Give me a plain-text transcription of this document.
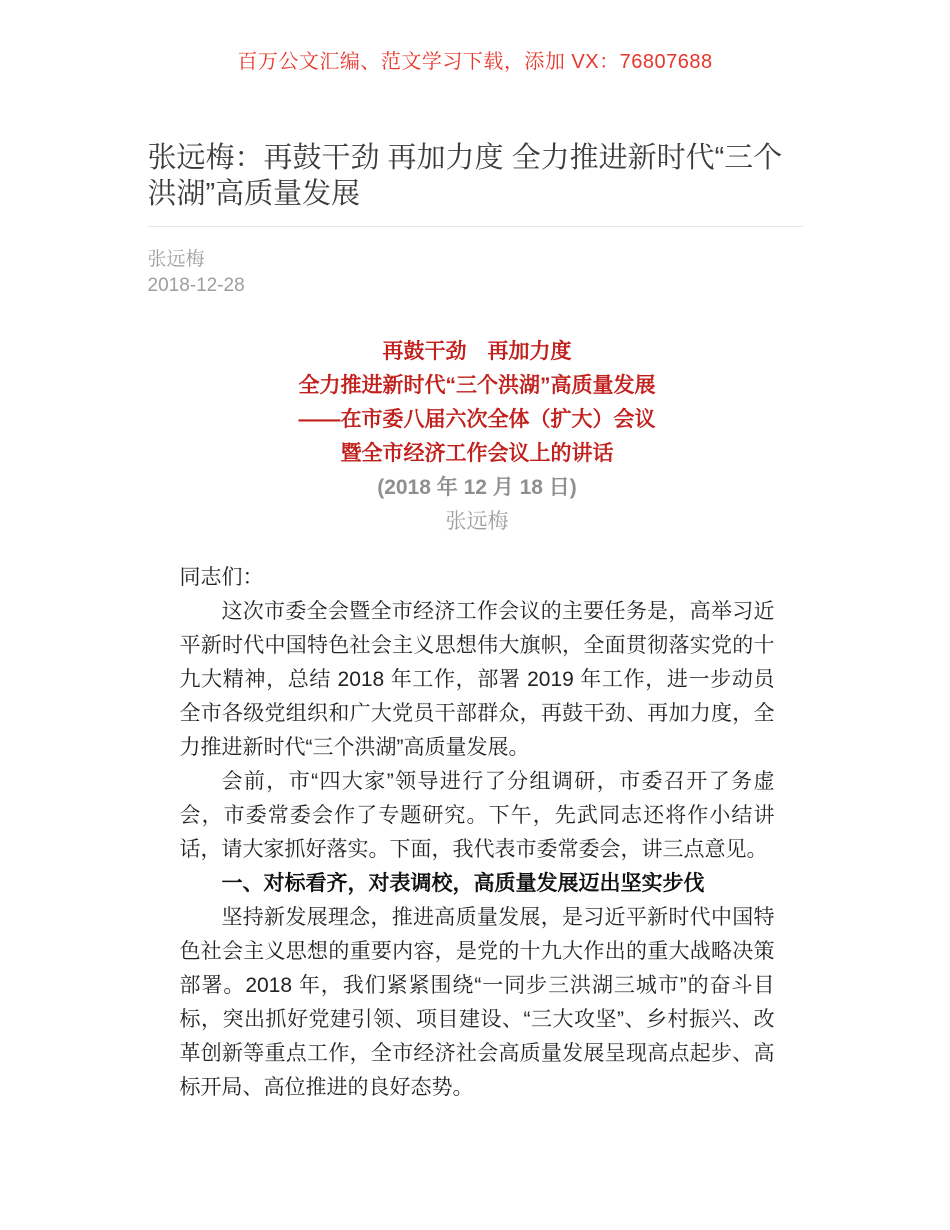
百万公文汇编、范文学习下载，添加 VX：76807688
张远梅：再鼓干劲 再加力度 全力推进新时代“三个洪湖”高质量发展
张远梅
2018-12-28

再鼓干劲　再加力度

全力推进新时代“三个洪湖”高质量发展

——在市委八届六次全体（扩大）会议

暨全市经济工作会议上的讲话

(2018 年 12 月 18 日)

张远梅

同志们：

这次市委全会暨全市经济工作会议的主要任务是，高举习近平新时代中国特色社会主义思想伟大旗帜，全面贯彻落实党的十九大精神，总结 2018 年工作，部署 2019 年工作，进一步动员全市各级党组织和广大党员干部群众，再鼓干劲、再加力度，全力推进新时代“三个洪湖”高质量发展。

会前，市“四大家”领导进行了分组调研，市委召开了务虚会，市委常委会作了专题研究。下午，先武同志还将作小结讲话，请大家抓好落实。下面，我代表市委常委会，讲三点意见。

一、对标看齐，对表调校，高质量发展迈出坚实步伐

坚持新发展理念，推进高质量发展，是习近平新时代中国特色社会主义思想的重要内容，是党的十九大作出的重大战略决策部署。2018 年，我们紧紧围绕“一同步三洪湖三城市”的奋斗目标，突出抓好党建引领、项目建设、“三大攻坚”、乡村振兴、改革创新等重点工作，全市经济社会高质量发展呈现高点起步、高标开局、高位推进的良好态势。
